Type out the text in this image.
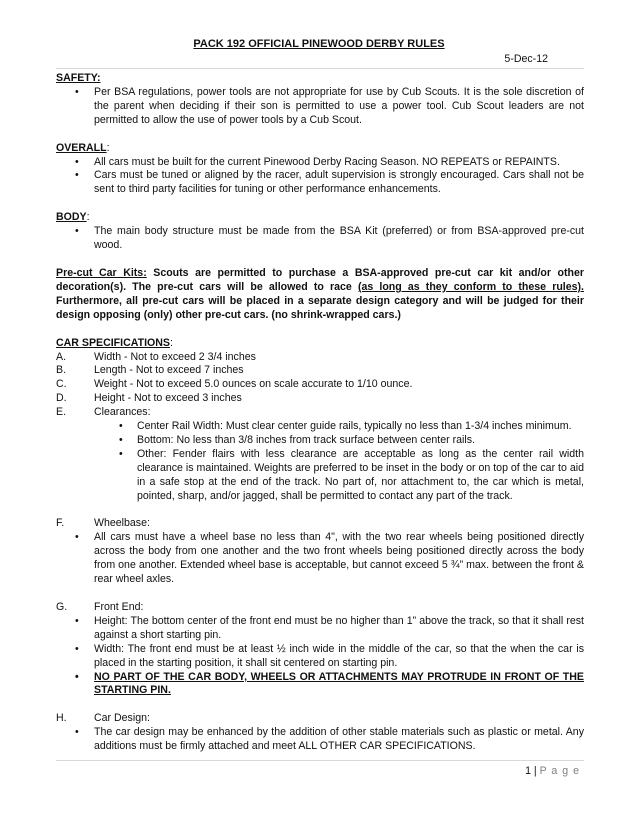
PACK 192 OFFICIAL PINEWOOD DERBY RULES
5-Dec-12
SAFETY:
• Per BSA regulations, power tools are not appropriate for use by Cub Scouts. It is the sole discretion of the parent when deciding if their son is permitted to use a power tool. Cub Scout leaders are not permitted to allow the use of power tools by a Cub Scout.
OVERALL:
• All cars must be built for the current Pinewood Derby Racing Season. NO REPEATS or REPAINTS.
• Cars must be tuned or aligned by the racer, adult supervision is strongly encouraged. Cars shall not be sent to third party facilities for tuning or other performance enhancements.
BODY:
• The main body structure must be made from the BSA Kit (preferred) or from BSA-approved pre-cut wood.
Pre-cut Car Kits: Scouts are permitted to purchase a BSA-approved pre-cut car kit and/or other decoration(s). The pre-cut cars will be allowed to race (as long as they conform to these rules). Furthermore, all pre-cut cars will be placed in a separate design category and will be judged for their design opposing (only) other pre-cut cars. (no shrink-wrapped cars.)
CAR SPECIFICATIONS:
A.	Width - Not to exceed 2 3/4 inches
B.	Length - Not to exceed 7 inches
C.	Weight - Not to exceed 5.0 ounces on scale accurate to 1/10 ounce.
D.	Height - Not to exceed 3 inches
E.	Clearances:
• Center Rail Width: Must clear center guide rails, typically no less than 1-3/4 inches minimum.
• Bottom: No less than 3/8 inches from track surface between center rails.
• Other: Fender flairs with less clearance are acceptable as long as the center rail width clearance is maintained. Weights are preferred to be inset in the body or on top of the car to aid in a safe stop at the end of the track. No part of, nor attachment to, the car which is metal, pointed, sharp, and/or jagged, shall be permitted to contact any part of the track.
F.	Wheelbase:
• All cars must have a wheel base no less than 4", with the two rear wheels being positioned directly across the body from one another and the two front wheels being positioned directly across the body from one another. Extended wheel base is acceptable, but cannot exceed 5 ¾” max. between the front & rear wheel axles.
G.	Front End:
• Height: The bottom center of the front end must be no higher than 1” above the track, so that it shall rest against a short starting pin.
• Width: The front end must be at least ½ inch wide in the middle of the car, so that the when the car is placed in the starting position, it shall sit centered on starting pin.
• NO PART OF THE CAR BODY, WHEELS OR ATTACHMENTS MAY PROTRUDE IN FRONT OF THE STARTING PIN.
H.	Car Design:
• The car design may be enhanced by the addition of other stable materials such as plastic or metal. Any additions must be firmly attached and meet ALL OTHER CAR SPECIFICATIONS.
1 | P a g e
